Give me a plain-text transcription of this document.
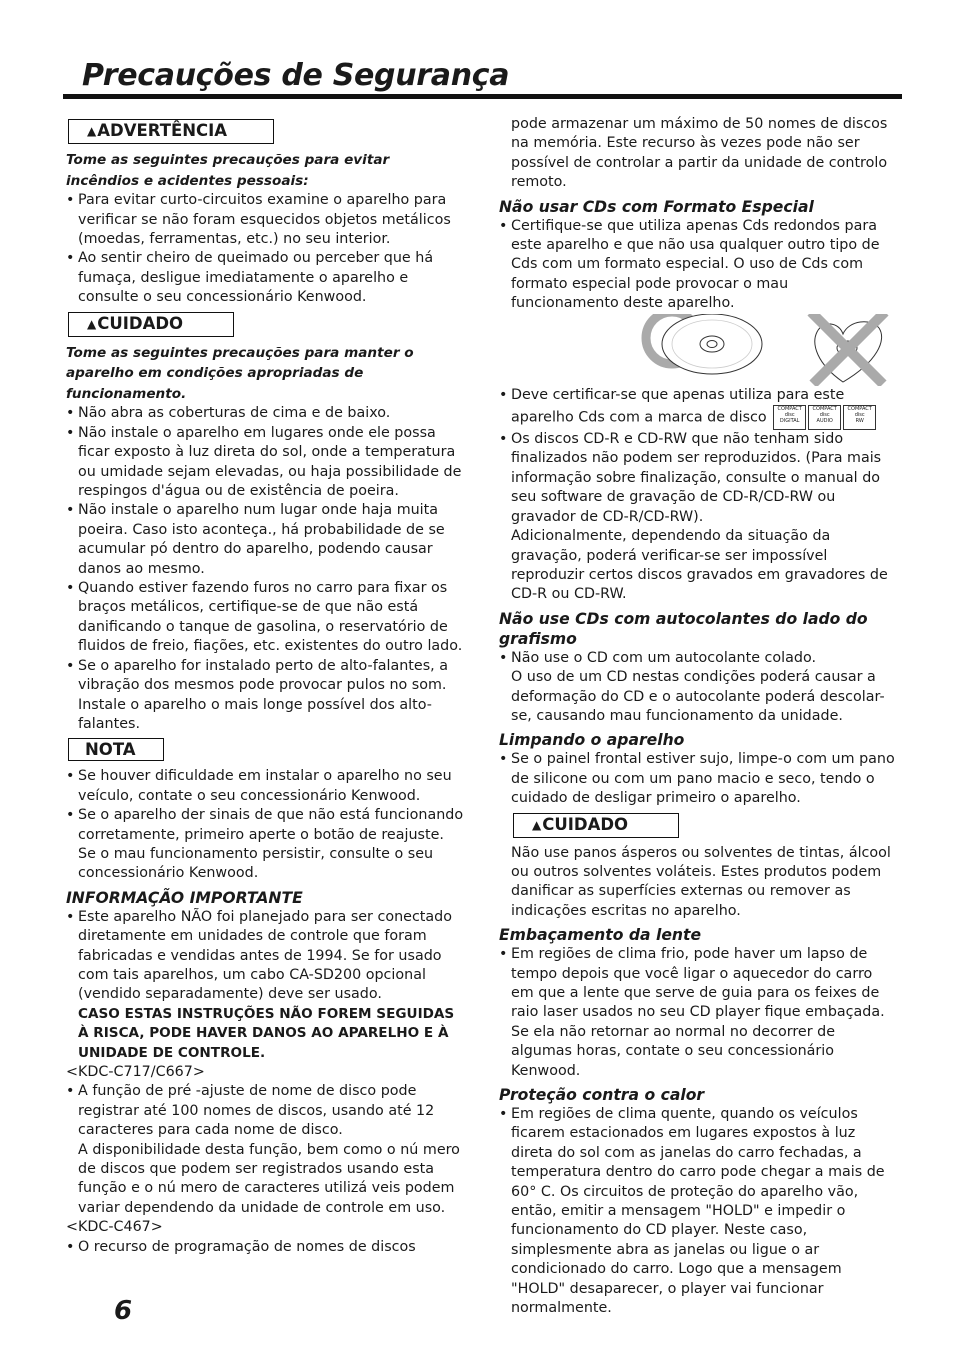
Precauções de Segurança
▲ADVERTÊNCIA
Tome as seguintes precauções para evitar incêndios e acidentes pessoais:
• Para evitar curto-circuitos examine o aparelho para verificar se não foram esquecidos objetos metálicos (moedas, ferramentas, etc.) no seu interior.
• Ao sentir cheiro de queimado ou perceber que há fumaça, desligue imediatamente o aparelho e consulte o seu concessionário Kenwood.
▲CUIDADO
Tome as seguintes precauções para manter o aparelho em condições apropriadas de funcionamento.
• Não abra as coberturas de cima e de baixo.
• Não instale o aparelho em lugares onde ele possa ficar exposto à luz direta do sol, onde a temperatura ou umidade sejam elevadas, ou haja possibilidade de respingos d'água ou de existência de poeira.
• Não instale o aparelho num lugar onde haja muita poeira. Caso isto aconteça., há probabilidade de se acumular pó dentro do aparelho, podendo causar danos ao mesmo.
• Quando estiver fazendo furos no carro para fixar os braços metálicos, certifique-se de que não está danificando o tanque de gasolina, o reservatório de fluidos de freio, fiações, etc. existentes do outro lado.
• Se o aparelho for instalado perto de alto-falantes, a vibração dos mesmos pode provocar pulos no som. Instale o aparelho o mais longe possível dos alto-falantes.
NOTA
• Se houver dificuldade em instalar o aparelho no seu veículo, contate o seu concessionário Kenwood.
• Se o aparelho der sinais de que não está funcionando corretamente, primeiro aperte o botão de reajuste. Se o mau funcionamento persistir, consulte o seu concessionário Kenwood.
INFORMAÇÃO IMPORTANTE
• Este aparelho NÃO foi planejado para ser conectado diretamente em unidades de controle que foram fabricadas e vendidas antes de 1994. Se for usado com tais aparelhos, um cabo CA-SD200 opcional (vendido separadamente) deve ser usado.
CASO ESTAS INSTRUÇÕES NÃO FOREM SEGUIDAS À RISCA, PODE HAVER DANOS AO APARELHO E À UNIDADE DE CONTROLE.
<KDC-C717/C667>
• A função de pré -ajuste de nome de disco pode registrar até 100 nomes de discos, usando até 12 caracteres para cada nome de disco.
A disponibilidade desta função, bem como o nú mero de discos que podem ser registrados usando esta função e o nú mero de caracteres utilizá veis podem variar dependendo da unidade de controle em uso.
<KDC-C467>
• O recurso de programação de nomes de discos
pode armazenar um máximo de 50 nomes de discos na memória. Este recurso às vezes pode não ser possível de controlar a partir da unidade de controlo remoto.
Não usar CDs com Formato Especial
• Certifique-se que utiliza apenas Cds redondos para este aparelho e que não usa qualquer outro tipo de Cds com um formato especial. O uso de Cds com formato especial pode provocar o mau funcionamento deste aparelho.
• Deve certificar-se que apenas utiliza para este aparelho Cds com a marca de disco COMPACT
disc
DIGITALCOMPACT
disc
AUDIOCOMPACT
disc
RW
• Os discos CD-R e CD-RW que não tenham sido finalizados não podem ser reproduzidos. (Para mais informação sobre finalização, consulte o manual do seu software de gravação de CD-R/CD-RW ou gravador de CD-R/CD-RW).
Adicionalmente, dependendo da situação da gravação, poderá verificar-se ser impossível reproduzir certos discos gravados em gravadores de CD-R ou CD-RW.
Não use CDs com autocolantes do lado do grafismo
• Não use o CD com um autocolante colado.
O uso de um CD nestas condições poderá causar a deformação do CD e o autocolante poderá descolar-se, causando mau funcionamento da unidade.
Limpando o aparelho
• Se o painel frontal estiver sujo, limpe-o com um pano de silicone ou com um pano macio e seco, tendo o cuidado de desligar primeiro o aparelho.
▲CUIDADO
Não use panos ásperos ou solventes de tintas, álcool ou outros solventes voláteis. Estes produtos podem danificar as superfícies externas ou remover as indicações escritas no aparelho.
Embaçamento da lente
• Em regiões de clima frio, pode haver um lapso de tempo depois que você ligar o aquecedor do carro em que a lente que serve de guia para os feixes de raio laser usados no seu CD player fique embaçada. Se ela não retornar ao normal no decorrer de algumas horas, contate o seu concessionário Kenwood.
Proteção contra o calor
• Em regiões de clima quente, quando os veículos ficarem estacionados em lugares expostos à luz direta do sol com as janelas do carro fechadas, a temperatura dentro do carro pode chegar a mais de 60° C. Os circuitos de proteção do aparelho vão, então, emitir a mensagem "HOLD" e impedir o funcionamento do CD player. Neste caso, simplesmente abra as janelas ou ligue o ar condicionado do carro. Logo que a mensagem "HOLD" desaparecer, o player vai funcionar normalmente.
6
